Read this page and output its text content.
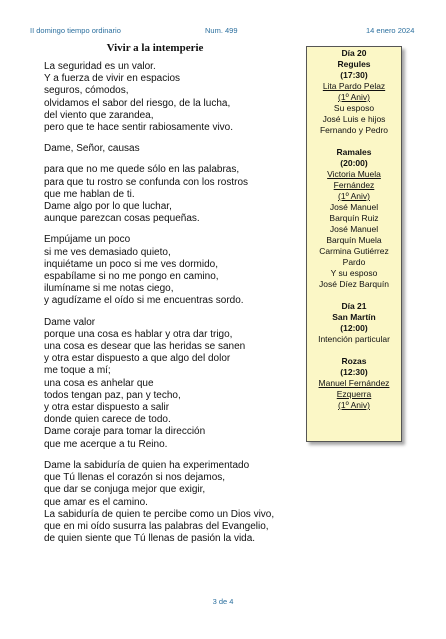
II domingo tiempo ordinario	Num. 499	14 enero 2024
Vivir a la intemperie
La seguridad es un valor.
Y a fuerza de vivir en espacios
seguros, cómodos,
olvidamos el sabor del riesgo, de la lucha,
del viento que zarandea,
pero que te hace sentir rabiosamente vivo.
Dame, Señor, causas
para que no me quede sólo en las palabras,
para que tu rostro se confunda con los rostros
que me hablan de ti.
Dame algo por lo que luchar,
aunque parezcan cosas pequeñas.
Empújame un poco
si me ves demasiado quieto,
inquiétame un poco si me ves dormido,
espabílame si no me pongo en camino,
ilumíname si me notas ciego,
y agudízame el oído si me encuentras sordo.
Dame valor
porque una cosa es hablar y otra dar trigo,
una cosa es desear que las heridas se sanen
y otra estar dispuesto a que algo del dolor
me toque a mí;
una cosa es anhelar que
todos tengan paz, pan y techo,
y otra estar dispuesto a salir
donde quien carece de todo.
Dame coraje para tomar la dirección
que me acerque a tu Reino.
Dame la sabiduría de quien ha experimentado
que Tú llenas el corazón si nos dejamos,
que dar se conjuga mejor que exigir,
que amar es el camino.
La sabiduría de quien te percibe como un Dios vivo,
que en mi oído susurra las palabras del Evangelio,
de quien siente que Tú llenas de pasión la vida.
Día 20
Regules
(17:30)
Lita Pardo Pelaz
(1º Aniv)
Su esposo
José Luis e hijos
Fernando y Pedro
Ramales
(20:00)
Victoria Muela
Fernández
(1º Aniv)
José Manuel
Barquín Ruiz
José Manuel
Barquín Muela
Carmina Gutiérrez
Pardo
Y su esposo
José Díez Barquín
Día 21
San Martín
(12:00)
Intención particular
Rozas
(12:30)
Manuel Fernández
Ezquerra
(1º Aniv)
3 de 4
